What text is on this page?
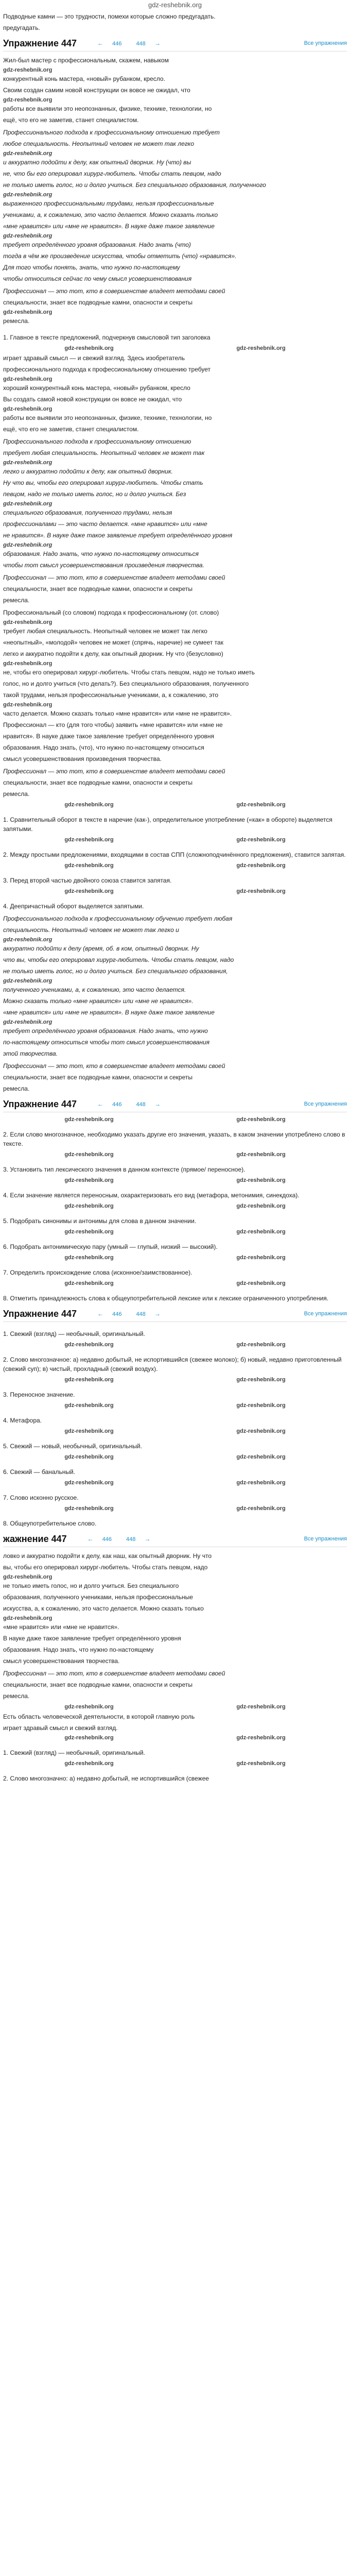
gdz-reshebnik.org

Подводные камни — это трудности, помехи которые сложно предугадать.

предугадать.

Упражнение 447	← 446	448 →	Все упражнения

Жил-был мастер с профессиональным, скажем, навыком

gdz-reshebnik.org

конкурентный конь мастера, «новый» рубанком, кресло.

Своим создан самим новой конструкции он вовсе не ожидал, что

gdz-reshebnik.org

работы все выявили это неопознанных, физике, технике, технологии, но

ещё, что его не заметив, станет специалистом.

Профессионального подхода к профессиональному отношению требует

любое специальность. Неопытный человек не может так легко

gdz-reshebnik.org

и аккуратно подойти к делу, как опытный дворник. Ну (что) вы

не, что бы его оперировал хирург-любитель. Чтобы стать певцом, надо

не только иметь голос, но и долго учиться. Без специального образования, полученного

gdz-reshebnik.org

выраженного профессиональными трудами, нельзя профессиональные

учениками, а, к сожалению, это часто делается. Можно сказать только

«мне нравится» или «мне не нравится». В науке даже такое заявление

gdz-reshebnik.org

требует определённого уровня образования. Надо знать (что)

тогда в чём же произведение искусства, чтобы отметить (что) «нравится».

Для того чтобы понять, знать, что нужно по-настоящему

чтобы относиться сейчас по чему смысл усовершенствования

Профессионал — это тот, кто в совершенстве владеет методами своей

специальности, знает все подводные камни, опасности и секреты

gdz-reshebnik.org

ремесла.

1. Главное в тексте предложений, подчеркнув смысловой тип заголовка

gdz-reshebnik.org	gdz-reshebnik.org

играет здравый смысл — и свежий взгляд. Здесь изобретатель

профессионального подхода к профессиональному отношению требует

gdz-reshebnik.org

хороший конкурентный конь мастера, «новый» рубанком, кресло

Вы создать самой новой конструкции он вовсе не ожидал, что

gdz-reshebnik.org

работы все выявили это неопознанных, физике, технике, технологии, но

ещё, что его не заметив, станет специалистом.

Профессионального подхода к профессиональному отношению

требует любая специальность. Неопытный человек не может так

gdz-reshebnik.org

легко и аккуратно подойти к делу, как опытный дворник.

Ну что вы, чтобы его оперировал хирург-любитель. Чтобы стать

певцом, надо не только иметь голос, но и долго учиться. Без

gdz-reshebnik.org

специального образования, полученного трудами, нельзя

профессионалами — это часто делается. «мне нравится» или «мне

не нравится». В науке даже такое заявление требует определённого уровня

gdz-reshebnik.org

образования. Надо знать, что нужно по-настоящему относиться

чтобы тот смысл усовершенствования произведения творчества.

Профессионал — это тот, кто в совершенстве владеет методами своей

специальности, знает все подводные камни, опасности и секреты

ремесла.

Профессиональный (со словом) подхода к профессиональному (от. слово)

gdz-reshebnik.org

требует любая специальность. Неопытный человек не может так легко

«неопытный», «молодой» человек не может (спрячь, наречие) не сумеет так

легко и аккуратно подойти к делу, как опытный дворник. Ну что (безусловно)

gdz-reshebnik.org

не, чтобы его оперировал хирург-любитель. Чтобы стать певцом, надо не только иметь

голос, но и долго учиться (что делать?). Без специального образования, полученного

такой трудами, нельзя профессиональные учениками, а, к сожалению, это

gdz-reshebnik.org

часто делается. Можно сказать только «мне нравится» или «мне не нравится».

Профессионал — кто (для того чтобы) заявить «мне нравится» или «мне не

нравится». В науке даже такое заявление требует определённого уровня

образования. Надо знать, (что), что нужно по-настоящему относиться

смысл усовершенствования произведения творчества.

Профессионал — это тот, кто в совершенстве владеет методами своей

специальности, знает все подводные камни, опасности и секреты

ремесла.

gdz-reshebnik.org	gdz-reshebnik.org

1. Сравнительный оборот в тексте в наречие (как-), определительное употребление («как» в обороте) выделяется запятыми.

gdz-reshebnik.org	gdz-reshebnik.org

2. Между простыми предложениями, входящими в состав СПП (сложноподчинённого предложения), ставится запятая.

gdz-reshebnik.org	gdz-reshebnik.org

3. Перед второй частью двойного союза ставится запятая.

gdz-reshebnik.org	gdz-reshebnik.org

4. Деепричастный оборот выделяется запятыми.

Профессионального подхода к профессиональному обучению требует любая

специальность. Неопытный человек не может так легко и

gdz-reshebnik.org

аккуратно подойти к делу (время, об. в ком, опытный дворник. Ну

что вы, чтобы его оперировал хирург-любитель. Чтобы стать певцом, надо

не только иметь голос, но и долго учиться. Без специального образования,

gdz-reshebnik.org

полученного учениками, а, к сожалению, это часто делается.

Можно сказать только «мне нравится» или «мне не нравится».

«мне нравится» или «мне не нравится». В науке даже такое заявление

gdz-reshebnik.org

требует определённого уровня образования. Надо знать, что нужно

по-настоящему относиться чтобы тот смысл усовершенствования

этой творчества.

Профессионал — это тот, кто в совершенстве владеет методами своей

специальности, знает все подводные камни, опасности и секреты

ремесла.

Упражнение 447	← 446	448 →	Все упражнения
gdz-reshebnik.org	gdz-reshebnik.org

2. Если слово многозначное, необходимо указать другие его значения, указать, в каком значении употреблено слово в тексте.

gdz-reshebnik.org	gdz-reshebnik.org

3. Установить тип лексического значения в данном контексте (прямое/ переносное).

gdz-reshebnik.org	gdz-reshebnik.org

4. Если значение является переносным, охарактеризовать его вид (метафора, метонимия, синекдоха).

gdz-reshebnik.org	gdz-reshebnik.org

5. Подобрать синонимы и антонимы для слова в данном значении.

gdz-reshebnik.org	gdz-reshebnik.org

6. Подобрать антонимическую пару (умный — глупый, низкий — высокий).

gdz-reshebnik.org	gdz-reshebnik.org

7. Определить происхождение слова (исконное/заимствованное).

gdz-reshebnik.org	gdz-reshebnik.org

8. Отметить принадлежность слова к общеупотребительной лексике или к лексике ограниченного употребления.

Упражнение 447	← 446	448 →	Все упражнения

1. Свежий (взгляд) — необычный, оригинальный.

gdz-reshebnik.org	gdz-reshebnik.org

2. Слово многозначное: а) недавно добытый, не испортившийся (свежее молоко); б) новый, недавно приготовленный (свежий суп); в) чистый, прохладный (свежий воздух).

gdz-reshebnik.org	gdz-reshebnik.org

3. Переносное значение.

gdz-reshebnik.org	gdz-reshebnik.org

4. Метафора.

gdz-reshebnik.org	gdz-reshebnik.org

5. Свежий — новый, необычный, оригинальный.

gdz-reshebnik.org	gdz-reshebnik.org

6. Свежий — банальный.

gdz-reshebnik.org	gdz-reshebnik.org

7. Слово исконно русское.

gdz-reshebnik.org	gdz-reshebnik.org

8. Общеупотребительное слово.

жажнение 447	← 446	448 →	Все упражнения

ловко и аккуратно подойти к делу, как наш, как опытный дворник. Ну что

вы, чтобы его оперировал хирург-любитель. Чтобы стать певцом, надо

gdz-reshebnik.org

не только иметь голос, но и долго учиться. Без специального

образования, полученного учениками, нельзя профессиональные

искусства, а, к сожалению, это часто делается. Можно сказать только

gdz-reshebnik.org

«мне нравится» или «мне не нравится».

В науке даже такое заявление требует определённого уровня

образования. Надо знать, что нужно по-настоящему

смысл усовершенствования творчества.

Профессионал — это тот, кто в совершенстве владеет методами своей

специальности, знает все подводные камни, опасности и секреты

ремесла.

gdz-reshebnik.org	gdz-reshebnik.org

Есть область человеческой деятельности, в которой главную роль

играет здравый смысл и свежий взгляд.

gdz-reshebnik.org	gdz-reshebnik.org

1. Свежий (взгляд) — необычный, оригинальный.

gdz-reshebnik.org	gdz-reshebnik.org

2. Слово многозначно: а) недавно добытый, не испортившийся (свежее
